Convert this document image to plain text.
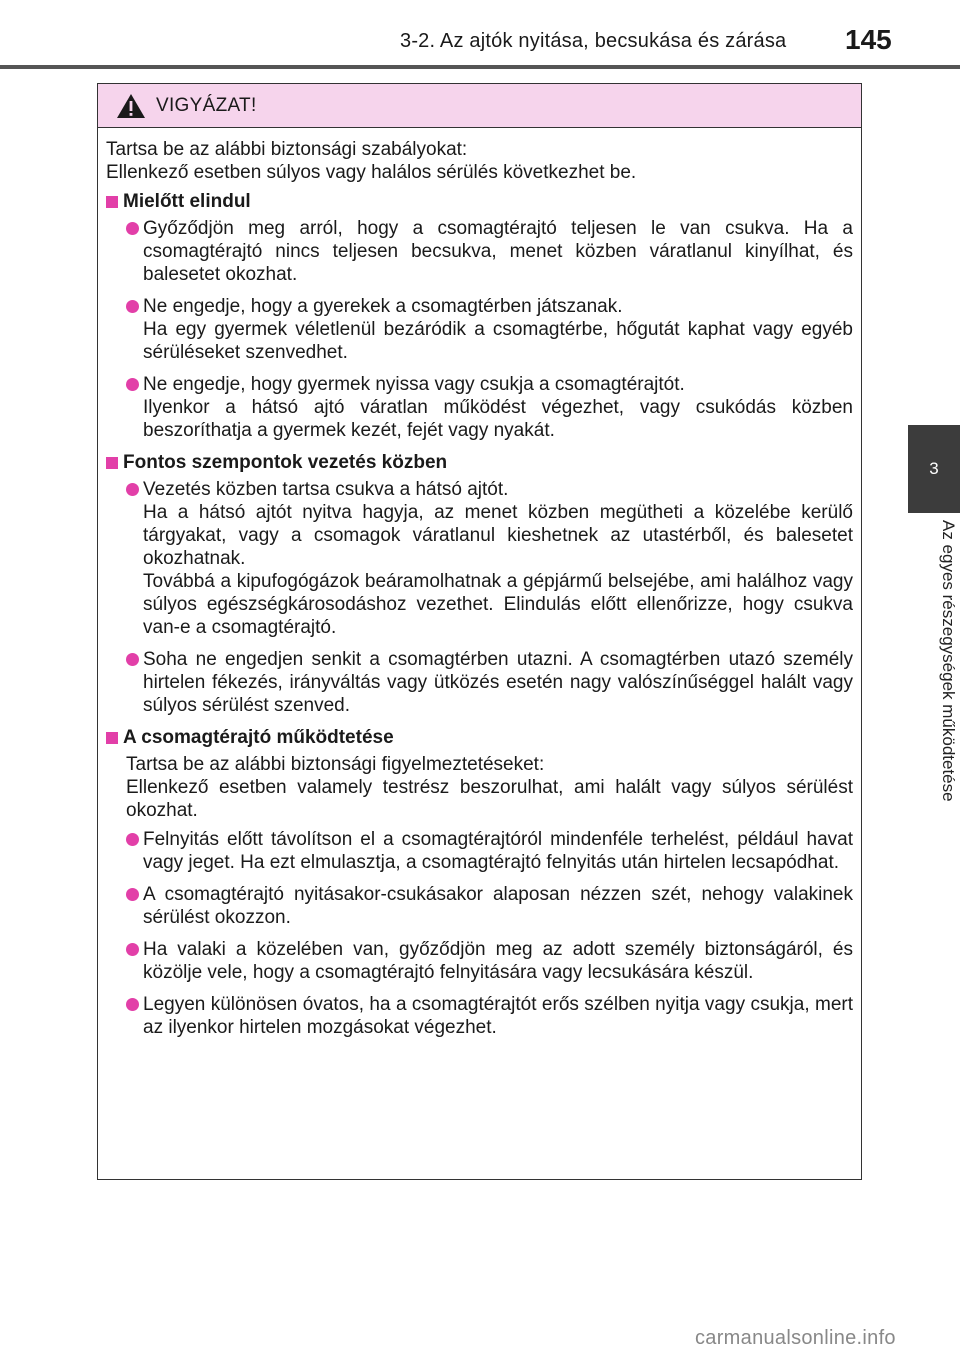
3-2. Az ajtók nyitása, becsukása és zárása	145
3
Az egyes részegységek működtetése
VIGYÁZAT!
Tartsa be az alábbi biztonsági szabályokat:
Ellenkező esetben súlyos vagy halálos sérülés következhet be.
Mielőtt elindul
Győződjön meg arról, hogy a csomagtérajtó teljesen le van csukva. Ha a csomagtérajtó nincs teljesen becsukva, menet közben váratlanul kinyílhat, és balesetet okozhat.
Ne engedje, hogy a gyerekek a csomagtérben játszanak.
Ha egy gyermek véletlenül bezáródik a csomagtérbe, hőgutát kaphat vagy egyéb sérüléseket szenvedhet.
Ne engedje, hogy gyermek nyissa vagy csukja a csomagtérajtót.
Ilyenkor a hátsó ajtó váratlan működést végezhet, vagy csukódás közben beszoríthatja a gyermek kezét, fejét vagy nyakát.
Fontos szempontok vezetés közben
Vezetés közben tartsa csukva a hátsó ajtót.
Ha a hátsó ajtót nyitva hagyja, az menet közben megütheti a közelébe kerülő tárgyakat, vagy a csomagok váratlanul kieshetnek az utastérből, és balesetet okozhatnak.
Továbbá a kipufogógázok beáramolhatnak a gépjármű belsejébe, ami halálhoz vagy súlyos egészségkárosodáshoz vezethet. Elindulás előtt ellenőrizze, hogy csukva van-e a csomagtérajtó.
Soha ne engedjen senkit a csomagtérben utazni. A csomagtérben utazó személy hirtelen fékezés, irányváltás vagy ütközés esetén nagy valószínűséggel halált vagy súlyos sérülést szenved.
A csomagtérajtó működtetése
Tartsa be az alábbi biztonsági figyelmeztetéseket:
Ellenkező esetben valamely testrész beszorulhat, ami halált vagy súlyos sérülést okozhat.
Felnyitás előtt távolítson el a csomagtérajtóról mindenféle terhelést, például havat vagy jeget. Ha ezt elmulasztja, a csomagtérajtó felnyitás után hirtelen lecsapódhat.
A csomagtérajtó nyitásakor-csukásakor alaposan nézzen szét, nehogy valakinek sérülést okozzon.
Ha valaki a közelében van, győződjön meg az adott személy biztonságáról, és közölje vele, hogy a csomagtérajtó felnyitására vagy lecsukására készül.
Legyen különösen óvatos, ha a csomagtérajtót erős szélben nyitja vagy csukja, mert az ilyenkor hirtelen mozgásokat végezhet.
carmanualsonline.info
